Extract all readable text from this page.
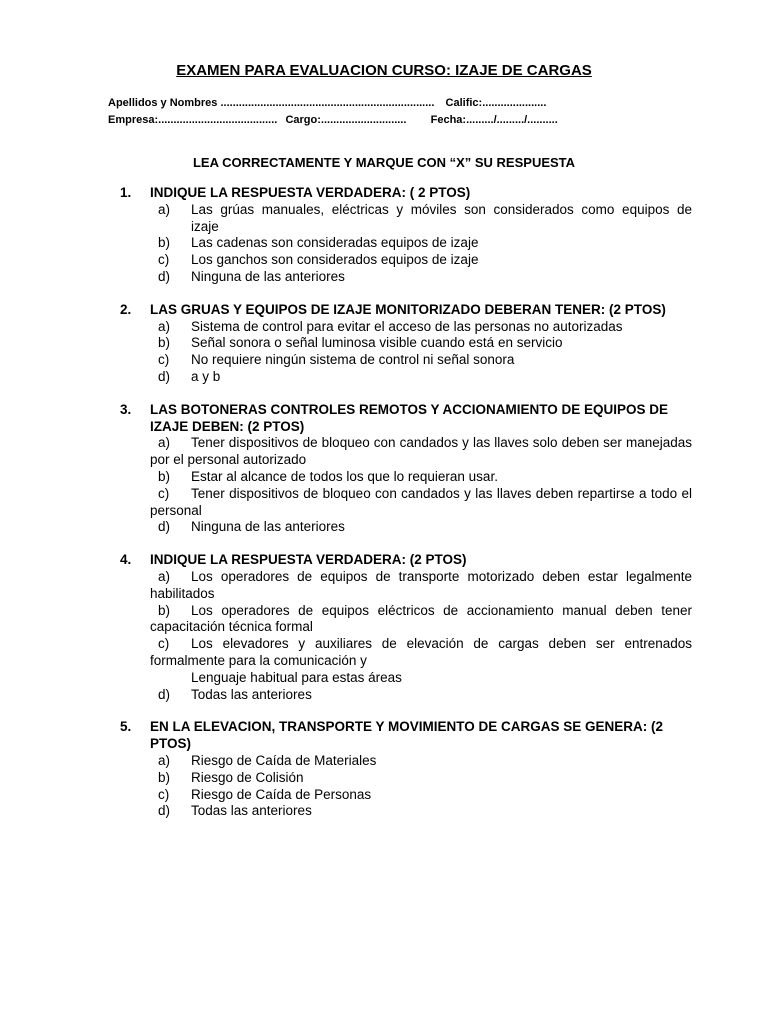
EXAMEN PARA EVALUACION CURSO: IZAJE DE CARGAS
Apellidos y Nombres ...................................................................... Calific:.....................
Empresa:....................................... Cargo:............................ Fecha:........./........./..........
LEA CORRECTAMENTE Y MARQUE CON “X” SU RESPUESTA
1.	INDIQUE LA RESPUESTA VERDADERA: ( 2 PTOS)
a)	Las grúas manuales, eléctricas y móviles son considerados como equipos de
izaje
b)	Las cadenas son consideradas equipos de izaje
c)	Los ganchos son considerados equipos de izaje
d)	Ninguna de las anteriores
2.	LAS GRUAS Y EQUIPOS DE IZAJE MONITORIZADO DEBERAN TENER: (2 PTOS)
a)	Sistema de control para evitar el acceso de las personas no autorizadas
b)	Señal sonora o señal luminosa visible cuando está en servicio
c)	No requiere ningún sistema de control ni señal sonora
d)	a y b
3.	LAS BOTONERAS CONTROLES REMOTOS Y ACCIONAMIENTO DE EQUIPOS DE IZAJE DEBEN: (2 PTOS)
a) Tener dispositivos de bloqueo con candados y las llaves solo deben ser manejadas por el personal autorizado
b)	Estar al alcance de todos los que lo requieran usar.
c) Tener dispositivos de bloqueo con candados y las llaves deben repartirse a todo el personal
d)	Ninguna de las anteriores
4.	INDIQUE LA RESPUESTA VERDADERA: (2 PTOS)
a) Los operadores de equipos de transporte motorizado deben estar legalmente habilitados
b) Los operadores de equipos eléctricos de accionamiento manual deben tener capacitación técnica formal
c) Los elevadores y auxiliares de elevación de cargas deben ser entrenados formalmente para la comunicación y
Lenguaje habitual para estas áreas
d)	Todas las anteriores
5.	EN LA ELEVACION, TRANSPORTE Y MOVIMIENTO DE CARGAS SE GENERA: (2 PTOS)
a)	Riesgo de Caída de Materiales
b)	Riesgo de Colisión
c)	Riesgo de Caída de Personas
d)	Todas las anteriores
